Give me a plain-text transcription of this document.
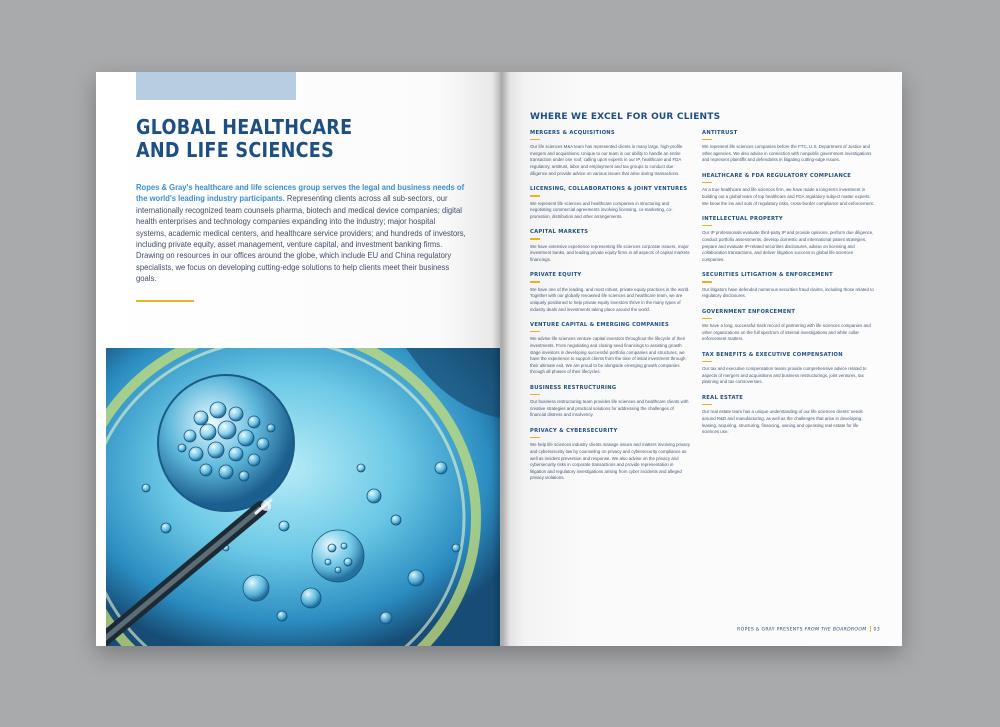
GLOBAL HEALTHCARE
AND LIFE SCIENCES

Ropes & Gray's healthcare and life sciences group serves the legal and business needs of the world's leading industry participants. Representing clients across all sub-sectors, our internationally recognized team counsels pharma, biotech and medical device companies; digital health enterprises and technology companies expanding into the industry; major hospital systems, academic medical centers, and healthcare service providers; and hundreds of investors, including private equity, asset management, venture capital, and investment banking firms. Drawing on resources in our offices around the globe, which include EU and China regulatory specialists, we focus on developing cutting-edge solutions to help clients meet their business goals.

WHERE WE EXCEL FOR OUR CLIENTS

MERGERS & ACQUISITIONS

Our life sciences M&A team has represented clients in many large, high-profile mergers and acquisitions. Unique to our team is our ability to handle an entire transaction under one roof, calling upon experts in our IP, healthcare and FDA regulatory, antitrust, labor and employment and tax groups to conduct due diligence and provide advice on various issues that arise during transactions.

LICENSING, COLLABORATIONS & JOINT VENTURES

We represent life sciences and healthcare companies in structuring and negotiating commercial agreements involving licensing, co-marketing, co-promotion, distribution and other arrangements.

CAPITAL MARKETS

We have extensive experience representing life sciences corporate issuers, major investment banks, and leading private equity firms in all aspects of capital markets financings.

PRIVATE EQUITY

We have one of the leading, and most robust, private equity practices in the world. Together with our globally renowned life sciences and healthcare team, we are uniquely positioned to help private equity investors thrive in the many types of industry deals and investments taking place around the world.

VENTURE CAPITAL & EMERGING COMPANIES

We advise life sciences venture capital investors throughout the lifecycle of their investments. From negotiating and closing seed financings to assisting growth stage investors in developing successful portfolio companies and structures, we have the experience to support clients from the time of initial investment through their ultimate exit. We are proud to be alongside emerging growth companies through all phases of their lifecycles.

BUSINESS RESTRUCTURING

Our business restructuring team provides life sciences and healthcare clients with creative strategies and practical solutions for addressing the challenges of financial distress and insolvency.

PRIVACY & CYBERSECURITY

We help life sciences industry clients manage issues and matters involving privacy and cybersecurity law by counseling on privacy and cybersecurity compliance as well as incident prevention and response. We also advise on the privacy and cybersecurity risks in corporate transactions and provide representation in litigation and regulatory investigations arising from cyber incidents and alleged privacy violations.

ANTITRUST

We represent life sciences companies before the FTC, U.S. Department of Justice and other agencies. We also advise in connection with nonpublic government investigations and represent plaintiffs and defendants in litigating cutting-edge issues.

HEALTHCARE & FDA REGULATORY COMPLIANCE

As a true healthcare and life sciences firm, we have made a long-term investment in building out a global team of top healthcare and FDA regulatory subject matter experts. We know the ins and outs of regulatory risks, cross-border compliance and enforcement.

INTELLECTUAL PROPERTY

Our IP professionals evaluate third-party IP and provide opinions, perform due diligence, conduct portfolio assessments, develop domestic and international patent strategies, prepare and evaluate IP-related securities disclosures, advise on licensing and collaboration transactions, and deliver litigation success to global life sciences companies.

SECURITIES LITIGATION & ENFORCEMENT

Our litigators have defended numerous securities fraud claims, including those related to regulatory disclosures.

GOVERNMENT ENFORCEMENT

We have a long, successful track record of partnering with life sciences companies and other organizations on the full spectrum of internal investigations and white collar enforcement matters.

TAX BENEFITS & EXECUTIVE COMPENSATION

Our tax and executive compensation teams provide comprehensive advice related to aspects of mergers and acquisitions and business restructurings, joint ventures, tax planning and tax controversies.

REAL ESTATE

Our real estate team has a unique understanding of our life sciences clients' needs around R&D and manufacturing, as well as the challenges that arise in developing, leasing, acquiring, structuring, financing, owning and operating real estate for life sciences use.

ROPES & GRAY PRESENTS FROM THE BOARDROOM 03
